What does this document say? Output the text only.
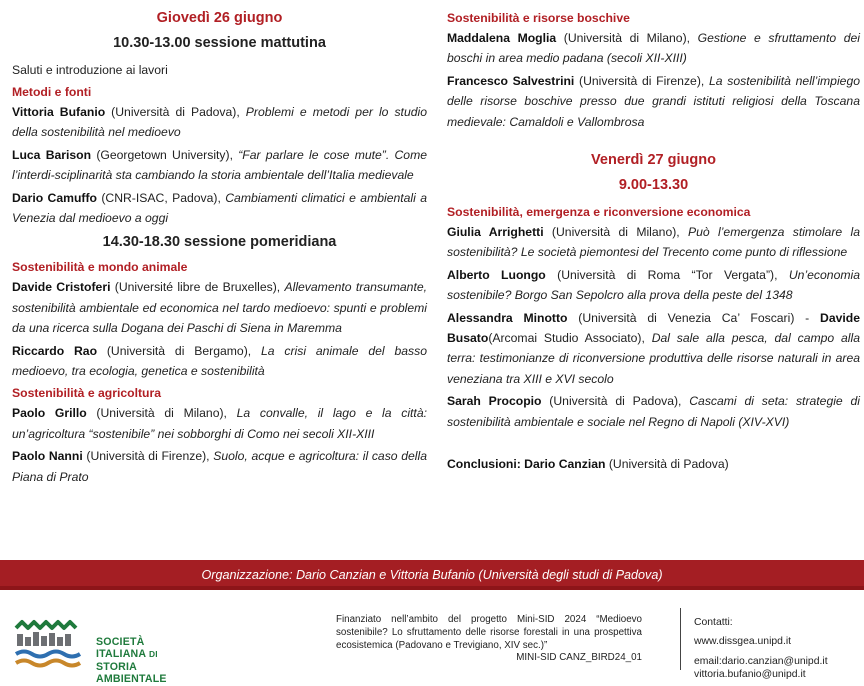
Giovedì 26 giugno
10.30-13.00 sessione mattutina
Saluti e introduzione ai lavori
Metodi e fonti
Vittoria Bufanio (Università di Padova), Problemi e metodi per lo studio della sostenibilità nel medioevo
Luca Barison (Georgetown University), “Far parlare le cose mute”. Come l’interdi-sciplinarità sta cambiando la storia ambientale dell’Italia medievale
Dario Camuffo (CNR-ISAC, Padova), Cambiamenti climatici e ambientali a Venezia dal medioevo a oggi
14.30-18.30 sessione pomeridiana
Sostenibilità e mondo animale
Davide Cristoferi (Université libre de Bruxelles), Allevamento transumante, sostenibilità ambientale ed economica nel tardo medioevo: spunti e problemi da una ricerca sulla Dogana dei Paschi di Siena in Maremma
Riccardo Rao (Università di Bergamo), La crisi animale del basso medioevo, tra ecologia, genetica e sostenibilità
Sostenibilità e agricoltura
Paolo Grillo (Università di Milano), La convalle, il lago e la città: un’agricoltura “sostenibile” nei sobborghi di Como nei secoli XII-XIII
Paolo Nanni (Università di Firenze), Suolo, acque e agricoltura: il caso della Piana di Prato
Sostenibilità e risorse boschive
Maddalena Moglia (Università di Milano), Gestione e sfruttamento dei boschi in area medio padana (secoli XII-XIII)
Francesco Salvestrini (Università di Firenze), La sostenibilità nell’impiego delle risorse boschive presso due grandi istituti religiosi della Toscana medievale: Camaldoli e Vallombrosa
Venerdì 27 giugno
9.00-13.30
Sostenibilità, emergenza e riconversione economica
Giulia Arrighetti (Università di Milano), Può l’emergenza stimolare la sostenibilità? Le società piemontesi del Trecento come punto di riflessione
Alberto Luongo (Università di Roma “Tor Vergata”), Un’economia sostenibile? Borgo San Sepolcro alla prova della peste del 1348
Alessandra Minotto (Università di Venezia Ca’ Foscari) - Davide Busato(Arcomai Studio Associato), Dal sale alla pesca, dal campo alla terra: testimonianze di riconversione produttiva delle risorse naturali in area veneziana tra XIII e XVI secolo
Sarah Procopio (Università di Padova), Cascami di seta: strategie di sostenibilità ambientale e sociale nel Regno di Napoli (XIV-XVI)
Conclusioni: Dario Canzian (Università di Padova)
Organizzazione: Dario Canzian e Vittoria Bufanio (Università degli studi di Padova)
SOCIETÀ
ITALIANA DI
STORIA
AMBIENTALE
Finanziato nell’ambito del progetto Mini-SID 2024 “Medioevo sostenibile? Lo sfruttamento delle risorse forestali in una prospettiva ecosistemica (Padovano e Trevigiano, XIV sec.)”
MINI-SID CANZ_BIRD24_01
Contatti:
www.dissgea.unipd.it
email:dario.canzian@unipd.it
vittoria.bufanio@unipd.it
